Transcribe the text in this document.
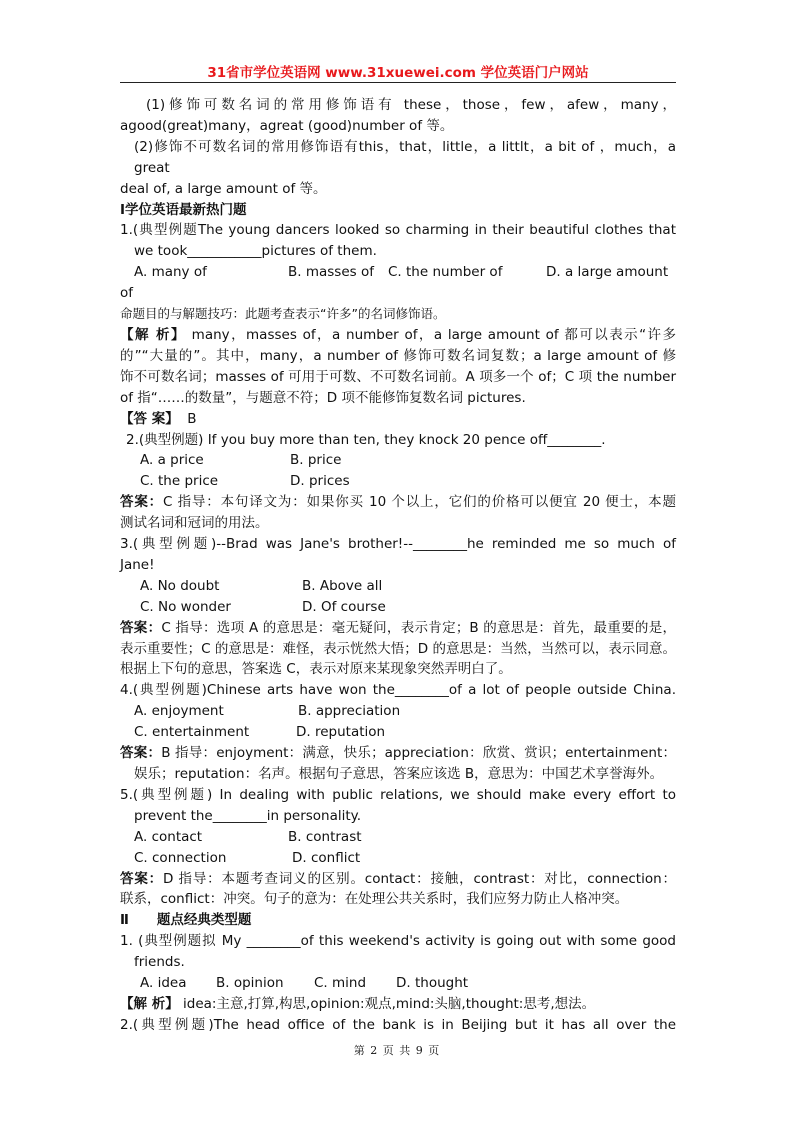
31省市学位英语网 www.31xuewei.com 学位英语门户网站

(1)修饰可数名词的常用修饰语有 these，those，few，afew，many，

agood(great)many，agreat (good)number of 等。

(2)修饰不可数名词的常用修饰语有this，that，little，a littlt，a bit of ，much，a great

deal of, a large amount of 等。

Ⅰ学位英语最新热门题

1.(典型例题The young dancers looked so charming in their beautiful clothes that

we took___________pictures of them.

A. many of	B. masses of	C. the number of	D. a large amount

of

命题目的与解题技巧：此题考查表示“许多”的名词修饰语。

【解 析】 many，masses of，a number of，a large amount of 都可以表示“许多

的”“大量的”。其中，many，a number of 修饰可数名词复数；a large amount of 修

饰不可数名词；masses of 可用于可数、不可数名词前。A 项多一个 of；C 项 the number

of 指“……的数量”，与题意不符；D 项不能修饰复数名词 pictures.

【答 案】 B

2.(典型例题) If you buy more than ten, they knock 20 pence off________.

A. a price	B. price
C. the price	D. prices

答案：C 指导：本句译文为：如果你买 10 个以上，它们的价格可以便宜 20 便士，本题

测试名词和冠词的用法。

3.(典型例题)--Brad was Jane's brother!--________he reminded me so much of

Jane!

A. No doubt	B. Above all
C. No wonder	D. Of course

答案：C 指导：选项 A 的意思是：毫无疑问，表示肯定；B 的意思是：首先，最重要的是，

表示重要性；C 的意思是：难怪，表示恍然大悟；D 的意思是：当然，当然可以，表示同意。

根据上下句的意思，答案选 C，表示对原来某现象突然弄明白了。

4.(典型例题)Chinese arts have won the________of a lot of people outside China.

A. enjoyment	B. appreciation
C. entertainment	D. reputation

答案：B 指导：enjoyment：满意，快乐；appreciation：欣赏、赏识；entertainment：

娱乐；reputation：名声。根据句子意思，答案应该选 B，意思为：中国艺术享誉海外。

5.(典型例题) In dealing with public relations, we should make every effort to

prevent the________in personality.

A. contact	B. contrast
C. connection	D. conflict

答案：D 指导：本题考查词义的区别。contact：接触，contrast：对比，connection：

联系，conflict：冲突。句子的意为：在处理公共关系时，我们应努力防止人格冲突。

Ⅱ 题点经典类型题

1. (典型例题拟 My ________of this weekend's activity is going out with some good

friends.

A. idea	B. opinion	C. mind	D. thought

【解 析】 idea:主意,打算,构思,opinion:观点,mind:头脑,thought:思考,想法。

2.(典型例题)The head office of the bank is in Beijing but it has all over the

第 2 页 共 9 页
